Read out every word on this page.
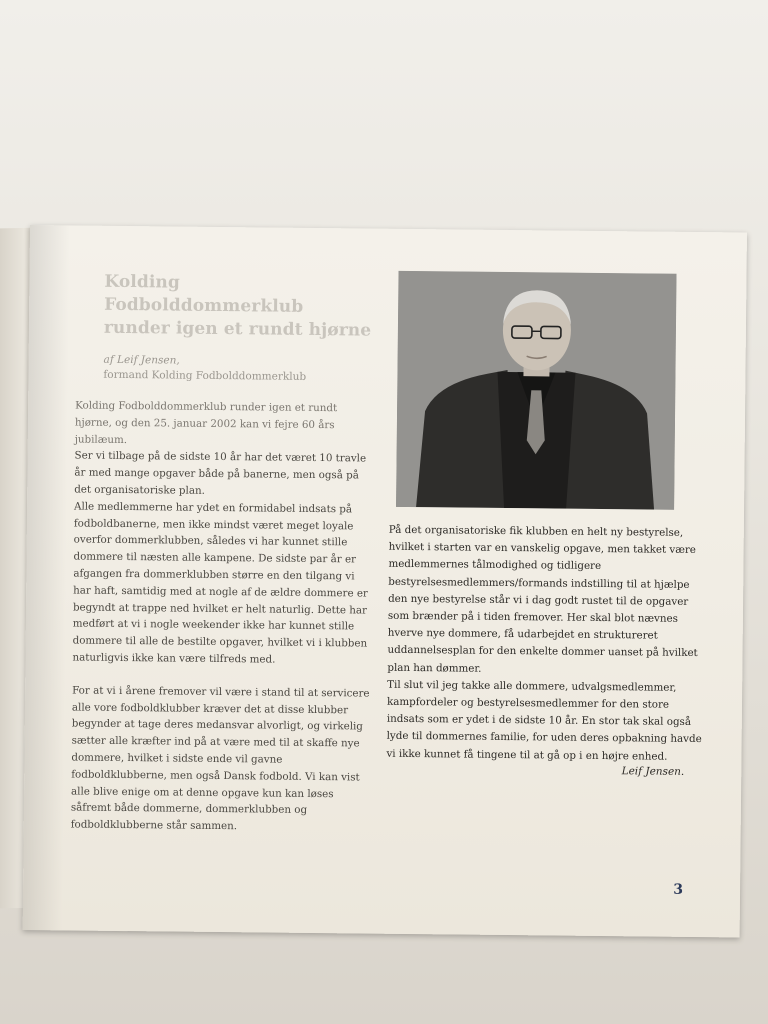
Kolding
Fodbolddommerklub
runder igen et rundt hjørne
af Leif Jensen,
formand Kolding Fodbolddommerklub

Kolding Fodbolddommerklub runder igen et rundt hjørne, og den 25. januar 2002 kan vi fejre 60 års jubilæum.

Ser vi tilbage på de sidste 10 år har det været 10 travle år med mange opgaver både på banerne, men også på det organisatoriske plan.

Alle medlemmerne har ydet en formidabel indsats på fodboldbanerne, men ikke mindst været meget loyale overfor dommerklubben, således vi har kunnet stille dommere til næsten alle kampene. De sidste par år er afgangen fra dommerklubben større en den tilgang vi har haft, samtidig med at nogle af de ældre dommere er begyndt at trappe ned hvilket er helt naturlig. Dette har medført at vi i nogle weekender ikke har kunnet stille dommere til alle de bestilte opgaver, hvilket vi i klubben naturligvis ikke kan være tilfreds med.

For at vi i årene fremover vil være i stand til at servicere alle vore fodboldklubber kræver det at disse klubber begynder at tage deres medansvar alvorligt, og virkelig sætter alle kræfter ind på at være med til at skaffe nye dommere, hvilket i sidste ende vil gavne fodboldklubberne, men også Dansk fodbold. Vi kan vist alle blive enige om at denne opgave kun kan løses såfremt både dommerne, dommerklubben og fodboldklubberne står sammen.

På det organisatoriske fik klubben en helt ny bestyrelse, hvilket i starten var en vanskelig opgave, men takket være medlemmernes tålmodighed og tidligere bestyrelsesmedlemmers/formands indstilling til at hjælpe den nye bestyrelse står vi i dag godt rustet til de opgaver som brænder på i tiden fremover. Her skal blot nævnes hverve nye dommere, få udarbejdet en struktureret uddannelsesplan for den enkelte dommer uanset på hvilket plan han dømmer.

Til slut vil jeg takke alle dommere, udvalgsmedlemmer, kampfordeler og bestyrelsesmedlemmer for den store indsats som er ydet i de sidste 10 år. En stor tak skal også lyde til dommernes familie, for uden deres opbakning havde vi ikke kunnet få tingene til at gå op i en højre enhed.

Leif Jensen.
3
